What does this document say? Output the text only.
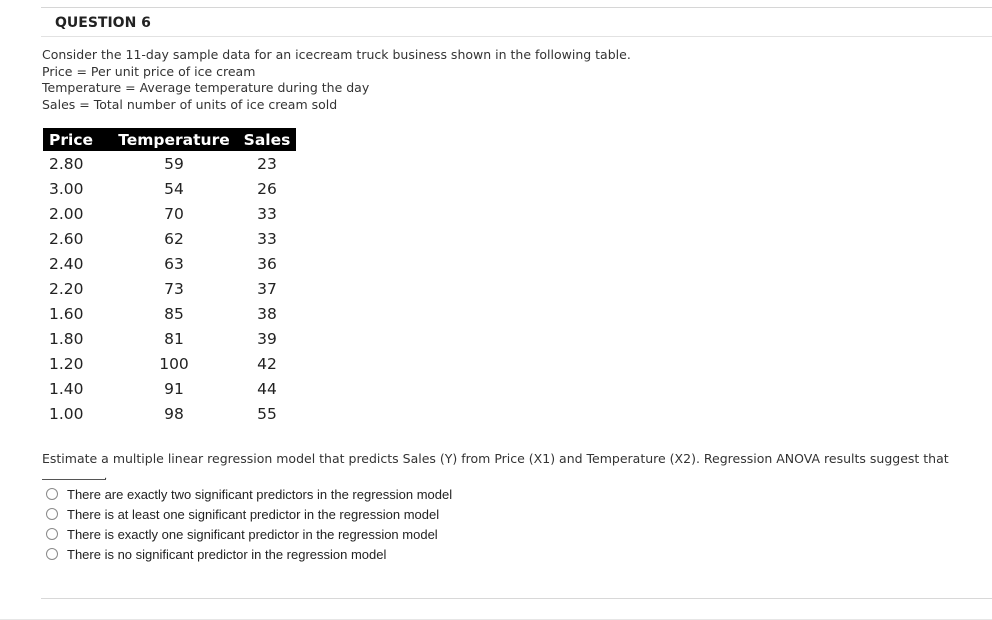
QUESTION 6
Consider the 11-day sample data for an icecream truck business shown in the following table.
Price = Per unit price of ice cream
Temperature = Average temperature during the day
Sales = Total number of units of ice cream sold
Price	Temperature	Sales
2.80	59	23
3.00	54	26
2.00	70	33
2.60	62	33
2.40	63	36
2.20	73	37
1.60	85	38
1.80	81	39
1.20	100	42
1.40	91	44
1.00	98	55
Estimate a multiple linear regression model that predicts Sales (Y) from Price (X1) and Temperature (X2). Regression ANOVA results suggest that
.
There are exactly two significant predictors in the regression model
There is at least one significant predictor in the regression model
There is exactly one significant predictor in the regression model
There is no significant predictor in the regression model
